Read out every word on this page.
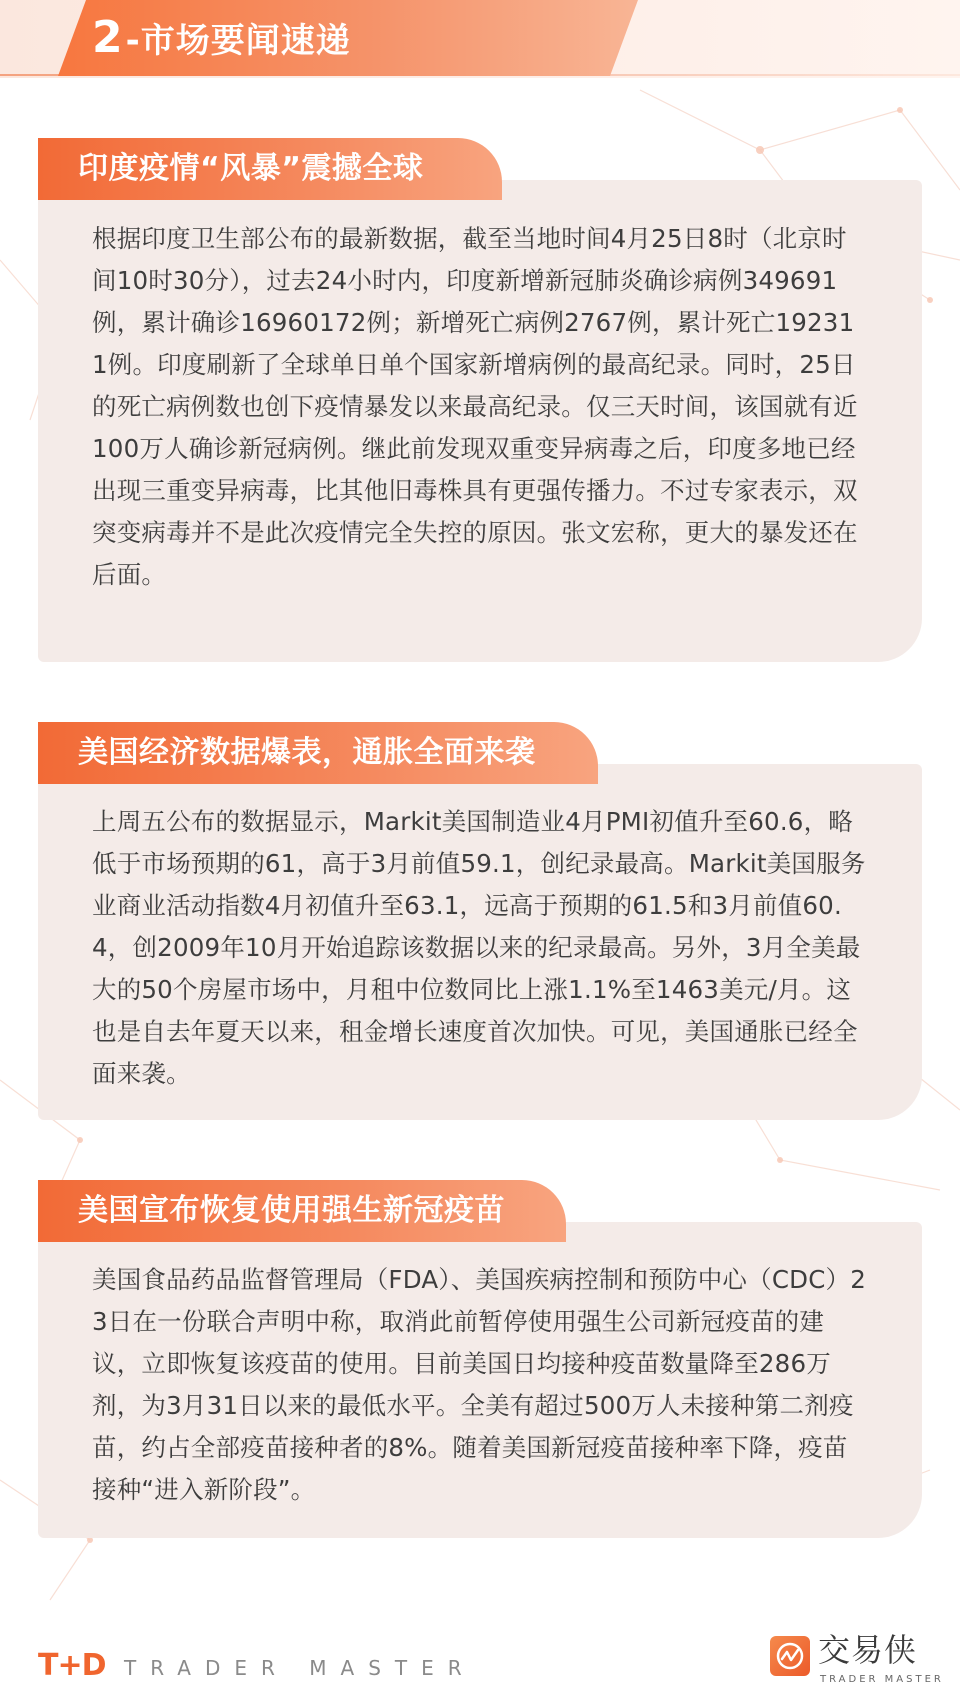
2-市场要闻速递
印度疫情“风暴”震撼全球

根据印度卫生部公布的最新数据，截至当地时间4月25日8时（北京时间10时30分），过去24小时内，印度新增新冠肺炎确诊病例349691例，累计确诊16960172例；新增死亡病例2767例，累计死亡192311例。印度刷新了全球单日单个国家新增病例的最高纪录。同时，25日的死亡病例数也创下疫情暴发以来最高纪录。仅三天时间，该国就有近100万人确诊新冠病例。继此前发现双重变异病毒之后，印度多地已经出现三重变异病毒，比其他旧毒株具有更强传播力。不过专家表示，双突变病毒并不是此次疫情完全失控的原因。张文宏称，更大的暴发还在后面。

美国经济数据爆表，通胀全面来袭

上周五公布的数据显示，Markit美国制造业4月PMI初值升至60.6，略低于市场预期的61，高于3月前值59.1，创纪录最高。Markit美国服务业商业活动指数4月初值升至63.1，远高于预期的61.5和3月前值60.4，创2009年10月开始追踪该数据以来的纪录最高。另外，3月全美最大的50个房屋市场中，月租中位数同比上涨1.1%至1463美元/月。这也是自去年夏天以来，租金增长速度首次加快。可见，美国通胀已经全面来袭。

美国宣布恢复使用强生新冠疫苗

美国食品药品监督管理局（FDA）、美国疾病控制和预防中心（CDC）23日在一份联合声明中称，取消此前暂停使用强生公司新冠疫苗的建议，立即恢复该疫苗的使用。目前美国日均接种疫苗数量降至286万剂，为3月31日以来的最低水平。全美有超过500万人未接种第二剂疫苗，约占全部疫苗接种者的8%。随着美国新冠疫苗接种率下降，疫苗接种“进入新阶段”。

T+D TRADER MASTER	交易侠
TRADER MASTER
